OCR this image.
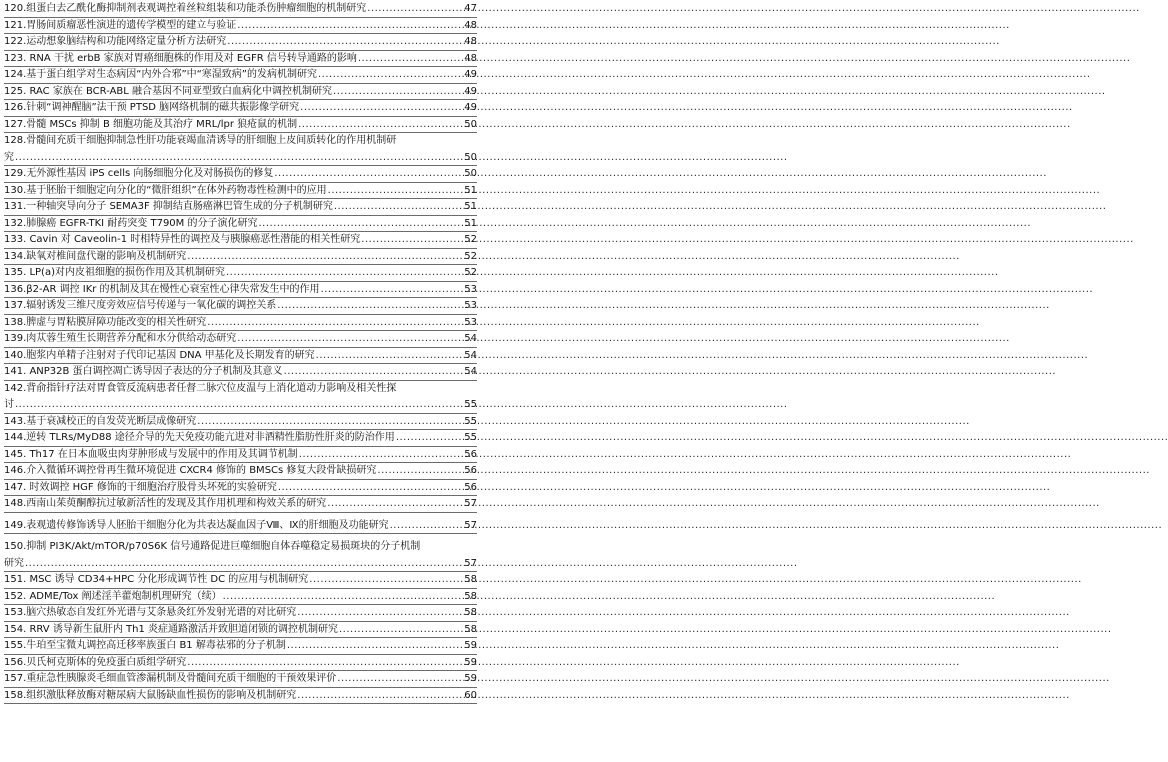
120.组蛋白去乙酰化酶抑制剂表观调控着丝粒组装和功能杀伤肿瘤细胞的机制研究 .....	47
121.胃肠间质瘤恶性演进的遗传学模型的建立与验证 .....	48
122.运动想象脑结构和功能网络定量分析方法研究 .....	48
123. RNA 干扰 erbB 家族对胃癌细胞株的作用及对 EGFR 信号转导通路的影响 .....	48
124.基于蛋白组学对生态病因“内外合邪”中“寒湿致病”的发病机制研究 .....	49
125. RAC 家族在 BCR-ABL 融合基因不同亚型致白血病化中调控机制研究 .....	49
126.针刺“调神醒脑”法干预 PTSD 脑网络机制的磁共振影像学研究 .....	49
127.骨髓 MSCs 抑制 B 细胞功能及其治疗 MRL/lpr 狼疮鼠的机制 .....	50
128.骨髓间充质干细胞抑制急性肝功能衰竭血清诱导的肝细胞上皮间质转化的作用机制研
究 .....	50
129.无外源性基因 iPS cells 向肠细胞分化及对肠损伤的修复 .....	50
130.基于胚胎干细胞定向分化的“微肝组织”在体外药物毒性检测中的应用 .....	51
131.一种轴突导向分子 SEMA3F 抑制结直肠癌淋巴管生成的分子机制研究 .....	51
132.肺腺癌 EGFR-TKI 耐药突变 T790M 的分子演化研究 .....	51
133. Cavin 对 Caveolin-1 时相特异性的调控及与胰腺癌恶性潜能的相关性研究 .....	52
134.缺氧对椎间盘代谢的影响及机制研究 .....	52
135. LP(a)对内皮祖细胞的损伤作用及其机制研究 .....	52
136.β2-AR 调控 IKr 的机制及其在慢性心衰室性心律失常发生中的作用 .....	53
137.辐射诱发三维尺度旁效应信号传递与一氧化碳的调控关系 .....	53
138.脾虚与胃粘膜屏障功能改变的相关性研究 .....	53
139.肉苁蓉生殖生长期营养分配和水分供给动态研究 .....	54
140.胞浆内单精子注射对子代印记基因 DNA 甲基化及长期发育的研究 .....	54
141. ANP32B 蛋白调控凋亡诱导因子表达的分子机制及其意义 .....	54
142.背俞指针疗法对胃食管反流病患者任督二脉穴位皮温与上消化道动力影响及相关性探
讨 .....	55
143.基于衰减校正的自发荧光断层成像研究 .....	55
144.逆转 TLRs/MyD88 途径介导的先天免疫功能亢进对非酒精性脂肪性肝炎的防治作用 .....	55
145. Th17 在日本血吸虫肉芽肿形成与发展中的作用及其调节机制 .....	56
146.介入微循环调控骨再生微环境促进 CXCR4 修饰的 BMSCs 修复大段骨缺损研究 .....	56
147. 时效调控 HGF 修饰的干细胞治疗股骨头坏死的实验研究 .....	56
148.西南山茱萸酮醇抗过敏新活性的发现及其作用机理和构效关系的研究 .....	57
149.表观遗传修饰诱导人胚胎干细胞分化为共表达凝血因子Ⅷ、Ⅸ的肝细胞及功能研究 .....	57
150.抑制 PI3K/Akt/mTOR/p70S6K 信号通路促进巨噬细胞自体吞噬稳定易损斑块的分子机制
研究 .....	57
151. MSC 诱导 CD34+HPC 分化形成调节性 DC 的应用与机制研究 .....	58
152. ADME/Tox 阐述淫羊藿炮制机理研究（续） .....	58
153.脑穴热敏态自发红外光谱与艾条悬灸红外发射光谱的对比研究 .....	58
154. RRV 诱导新生鼠肝内 Th1 炎症通路激活并致胆道闭锁的调控机制研究 .....	58
155.牛珀至宝微丸调控高迁移率族蛋白 B1 解毒祛邪的分子机制 .....	59
156.贝氏柯克斯体的免疫蛋白质组学研究 .....	59
157.重症急性胰腺炎毛细血管渗漏机制及骨髓间充质干细胞的干预效果评价 .....	59
158.组织激肽释放酶对糖尿病大鼠肠缺血性损伤的影响及机制研究 .....	60
